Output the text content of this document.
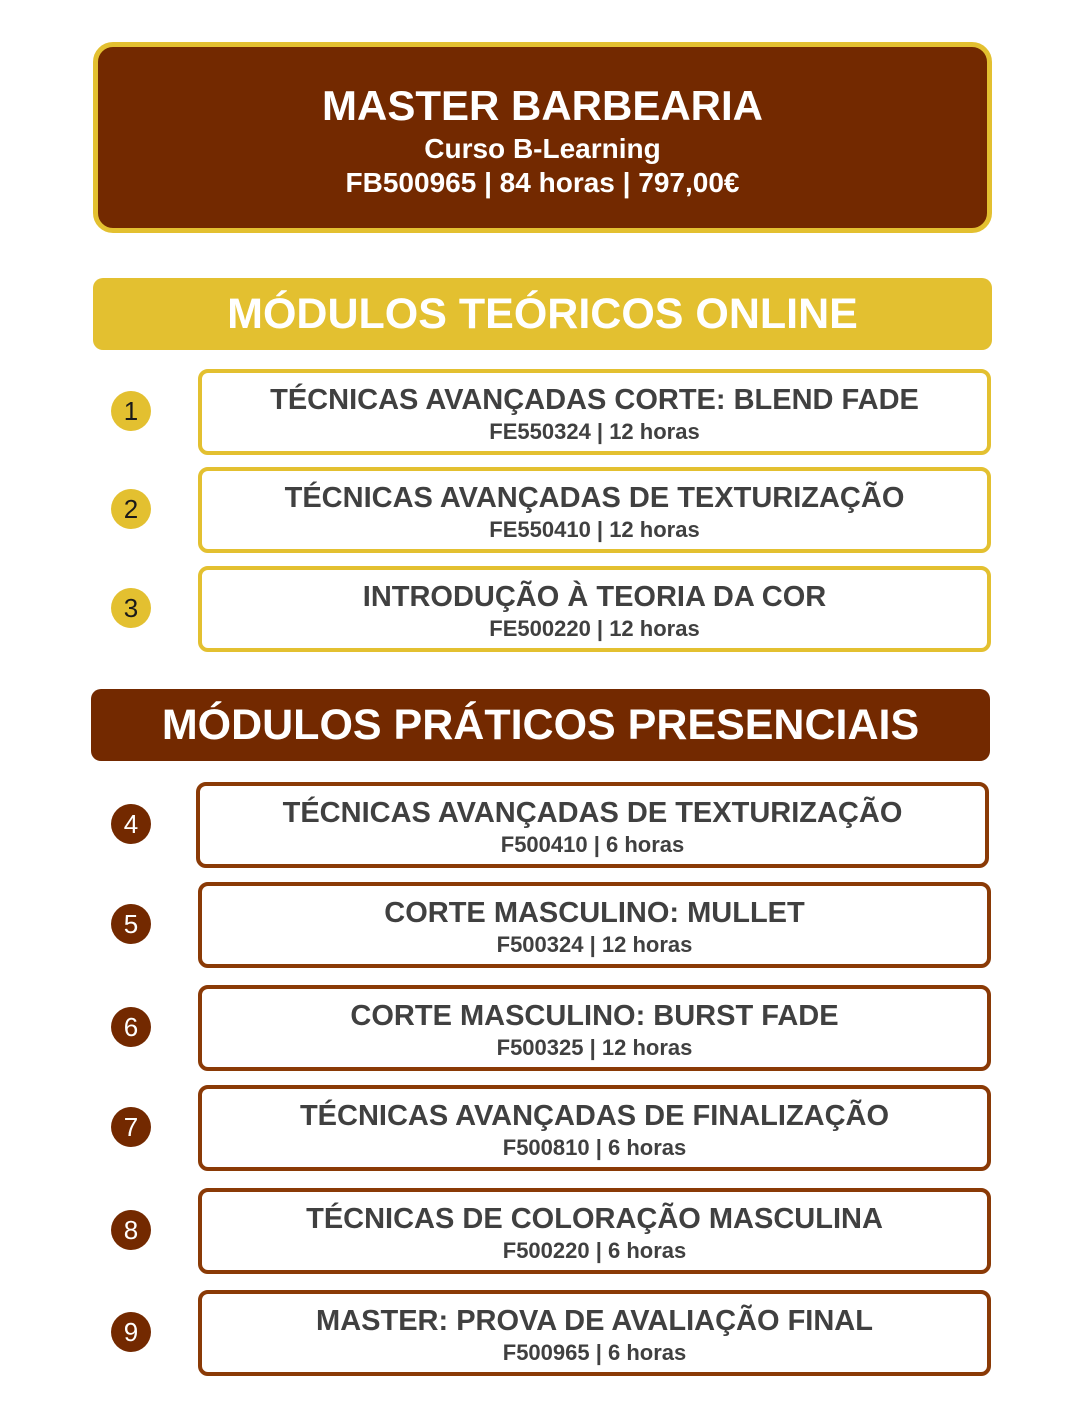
MASTER BARBEARIA
Curso B-Learning
FB500965 | 84 horas | 797,00€
MÓDULOS TEÓRICOS ONLINE
1	TÉCNICAS AVANÇADAS CORTE: BLEND FADE
FE550324 | 12 horas
2	TÉCNICAS AVANÇADAS DE TEXTURIZAÇÃO
FE550410 | 12 horas
3	INTRODUÇÃO À TEORIA DA COR
FE500220 | 12 horas
MÓDULOS PRÁTICOS PRESENCIAIS
4	TÉCNICAS AVANÇADAS DE TEXTURIZAÇÃO
F500410 | 6 horas
5	CORTE MASCULINO: MULLET
F500324 | 12 horas
6	CORTE MASCULINO: BURST FADE
F500325 | 12 horas
7	TÉCNICAS AVANÇADAS DE FINALIZAÇÃO
F500810 | 6 horas
8	TÉCNICAS DE COLORAÇÃO MASCULINA
F500220 | 6 horas
9	MASTER: PROVA DE AVALIAÇÃO FINAL
F500965 | 6 horas
